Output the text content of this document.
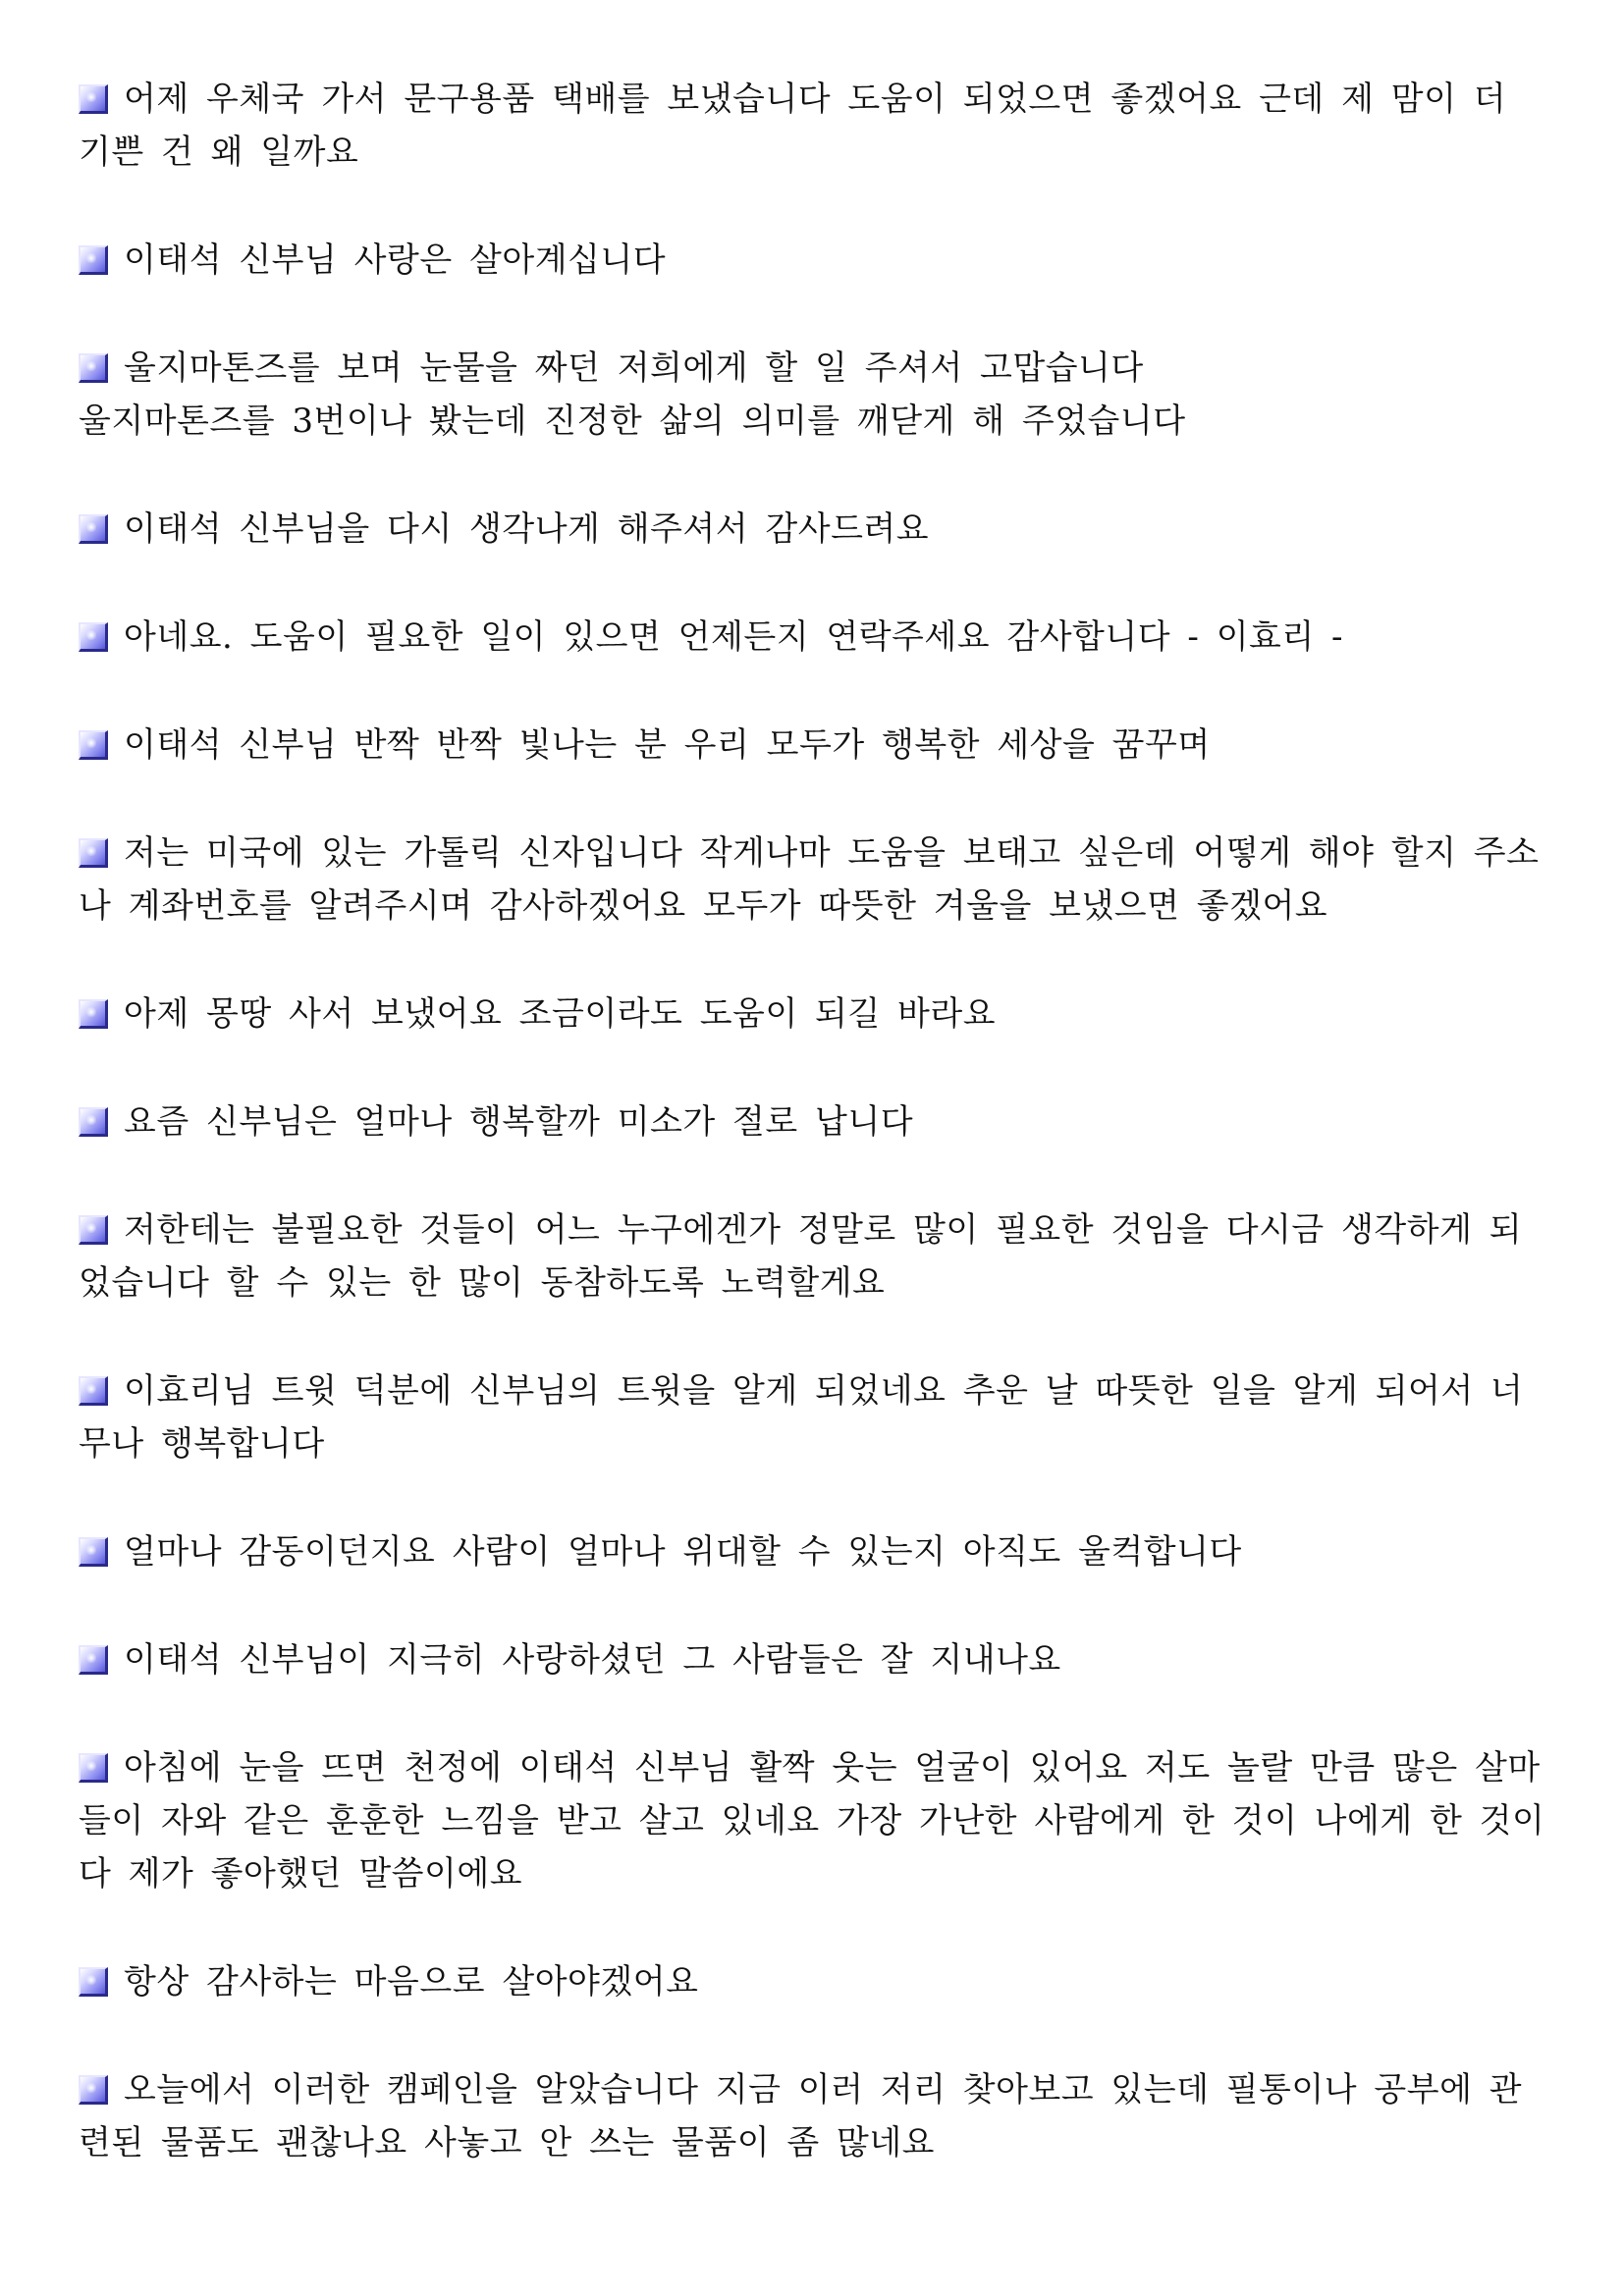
어제 우체국 가서 문구용품 택배를 보냈습니다 도움이 되었으면 좋겠어요 근데 제 맘이 더
기쁜 건 왜 일까요
이태석 신부님 사랑은 살아계십니다
울지마톤즈를 보며 눈물을 짜던 저희에게 할 일 주셔서 고맙습니다
울지마톤즈를 3번이나 봤는데 진정한 삶의 의미를 깨닫게 해 주었습니다
이태석 신부님을 다시 생각나게 해주셔서 감사드려요
아네요. 도움이 필요한 일이 있으면 언제든지 연락주세요 감사합니다 - 이효리 -
이태석 신부님 반짝 반짝 빛나는 분 우리 모두가 행복한 세상을 꿈꾸며
저는 미국에 있는 가톨릭 신자입니다 작게나마 도움을 보태고 싶은데 어떻게 해야 할지 주소
나 계좌번호를 알려주시며 감사하겠어요 모두가 따뜻한 겨울을 보냈으면 좋겠어요
아제 몽땅 사서 보냈어요 조금이라도 도움이 되길 바라요
요즘 신부님은 얼마나 행복할까 미소가 절로 납니다
저한테는 불필요한 것들이 어느 누구에겐가 정말로 많이 필요한 것임을 다시금 생각하게 되
었습니다 할 수 있는 한 많이 동참하도록 노력할게요
이효리님 트윗 덕분에 신부님의 트윗을 알게 되었네요 추운 날 따뜻한 일을 알게 되어서 너
무나 행복합니다
얼마나 감동이던지요 사람이 얼마나 위대할 수 있는지 아직도 울컥합니다
이태석 신부님이 지극히 사랑하셨던 그 사람들은 잘 지내나요
아침에 눈을 뜨면 천정에 이태석 신부님 활짝 웃는 얼굴이 있어요 저도 놀랄 만큼 많은 살마
들이 자와 같은 훈훈한 느낌을 받고 살고 있네요 가장 가난한 사람에게 한 것이 나에게 한 것이
다 제가 좋아했던 말씀이에요
항상 감사하는 마음으로 살아야겠어요
오늘에서 이러한 캠페인을 알았습니다 지금 이러 저리 찾아보고 있는데 필통이나 공부에 관
련된 물품도 괜찮나요 사놓고 안 쓰는 물품이 좀 많네요
